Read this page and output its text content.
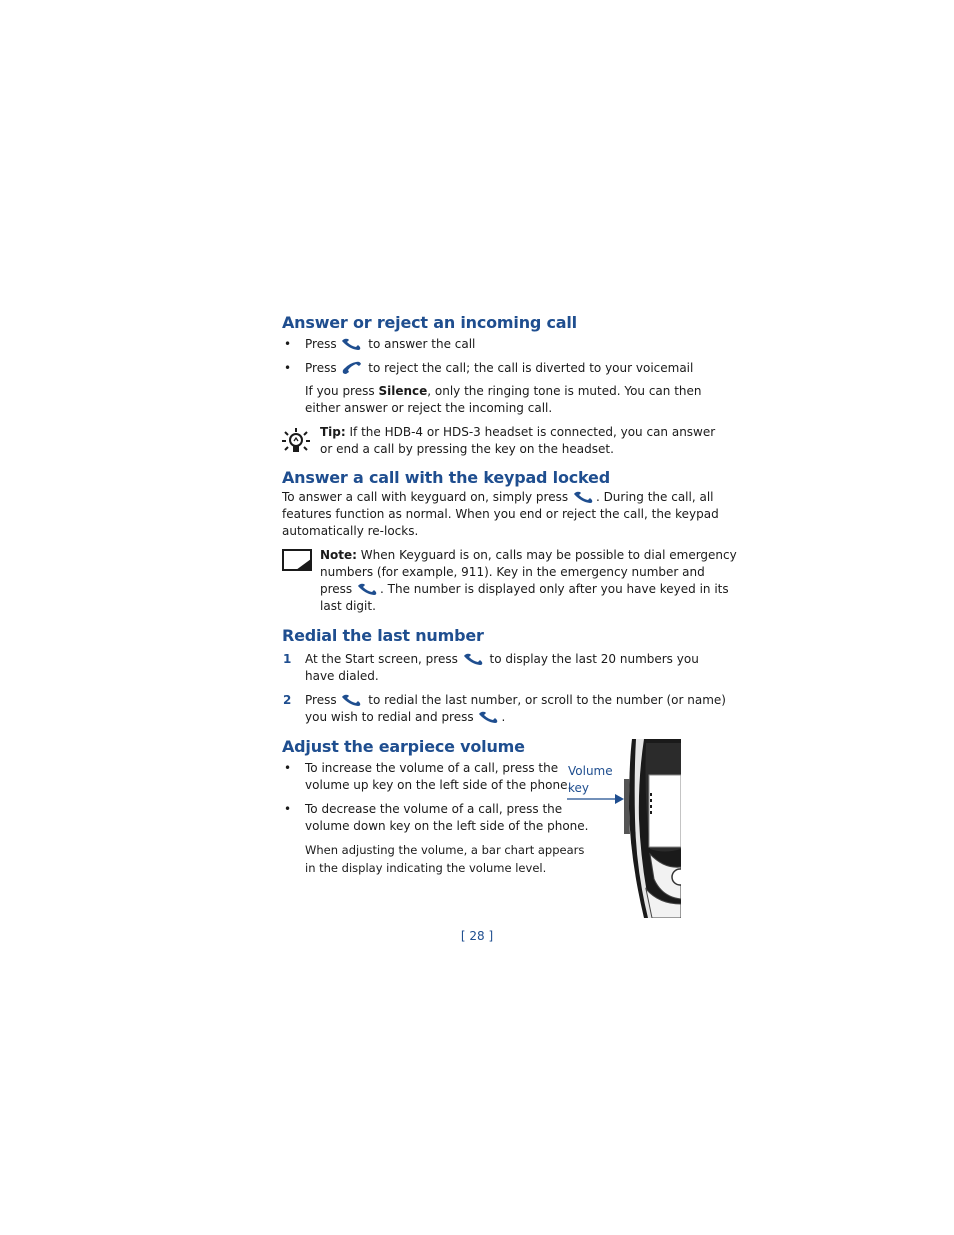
Answer or reject an incoming call
• Press	to answer the call
• Press	to reject the call; the call is diverted to your voicemail
If you press Silence, only the ringing tone is muted. You can then
either answer or reject the incoming call.
Tip: If the HDB-4 or HDS-3 headset is connected, you can answer
or end a call by pressing the key on the headset.
Answer a call with the keypad locked
To answer a call with keyguard on, simply press . During the call, all
features function as normal. When you end or reject the call, the keypad
automatically re-locks.
Note: When Keyguard is on, calls may be possible to dial emergency
numbers (for example, 911). Key in the emergency number and
press . The number is displayed only after you have keyed in its
last digit.
Redial the last number
1 At the Start screen, press	to display the last 20 numbers you
have dialed.
2 Press	to redial the last number, or scroll to the number (or name)
you wish to redial and press .
Adjust the earpiece volume
• To increase the volume of a call, press the
volume up key on the left side of the phone.
• To decrease the volume of a call, press the
volume down key on the left side of the phone.
When adjusting the volume, a bar chart appears
in the display indicating the volume level.
Volume
key
[ 28 ]
